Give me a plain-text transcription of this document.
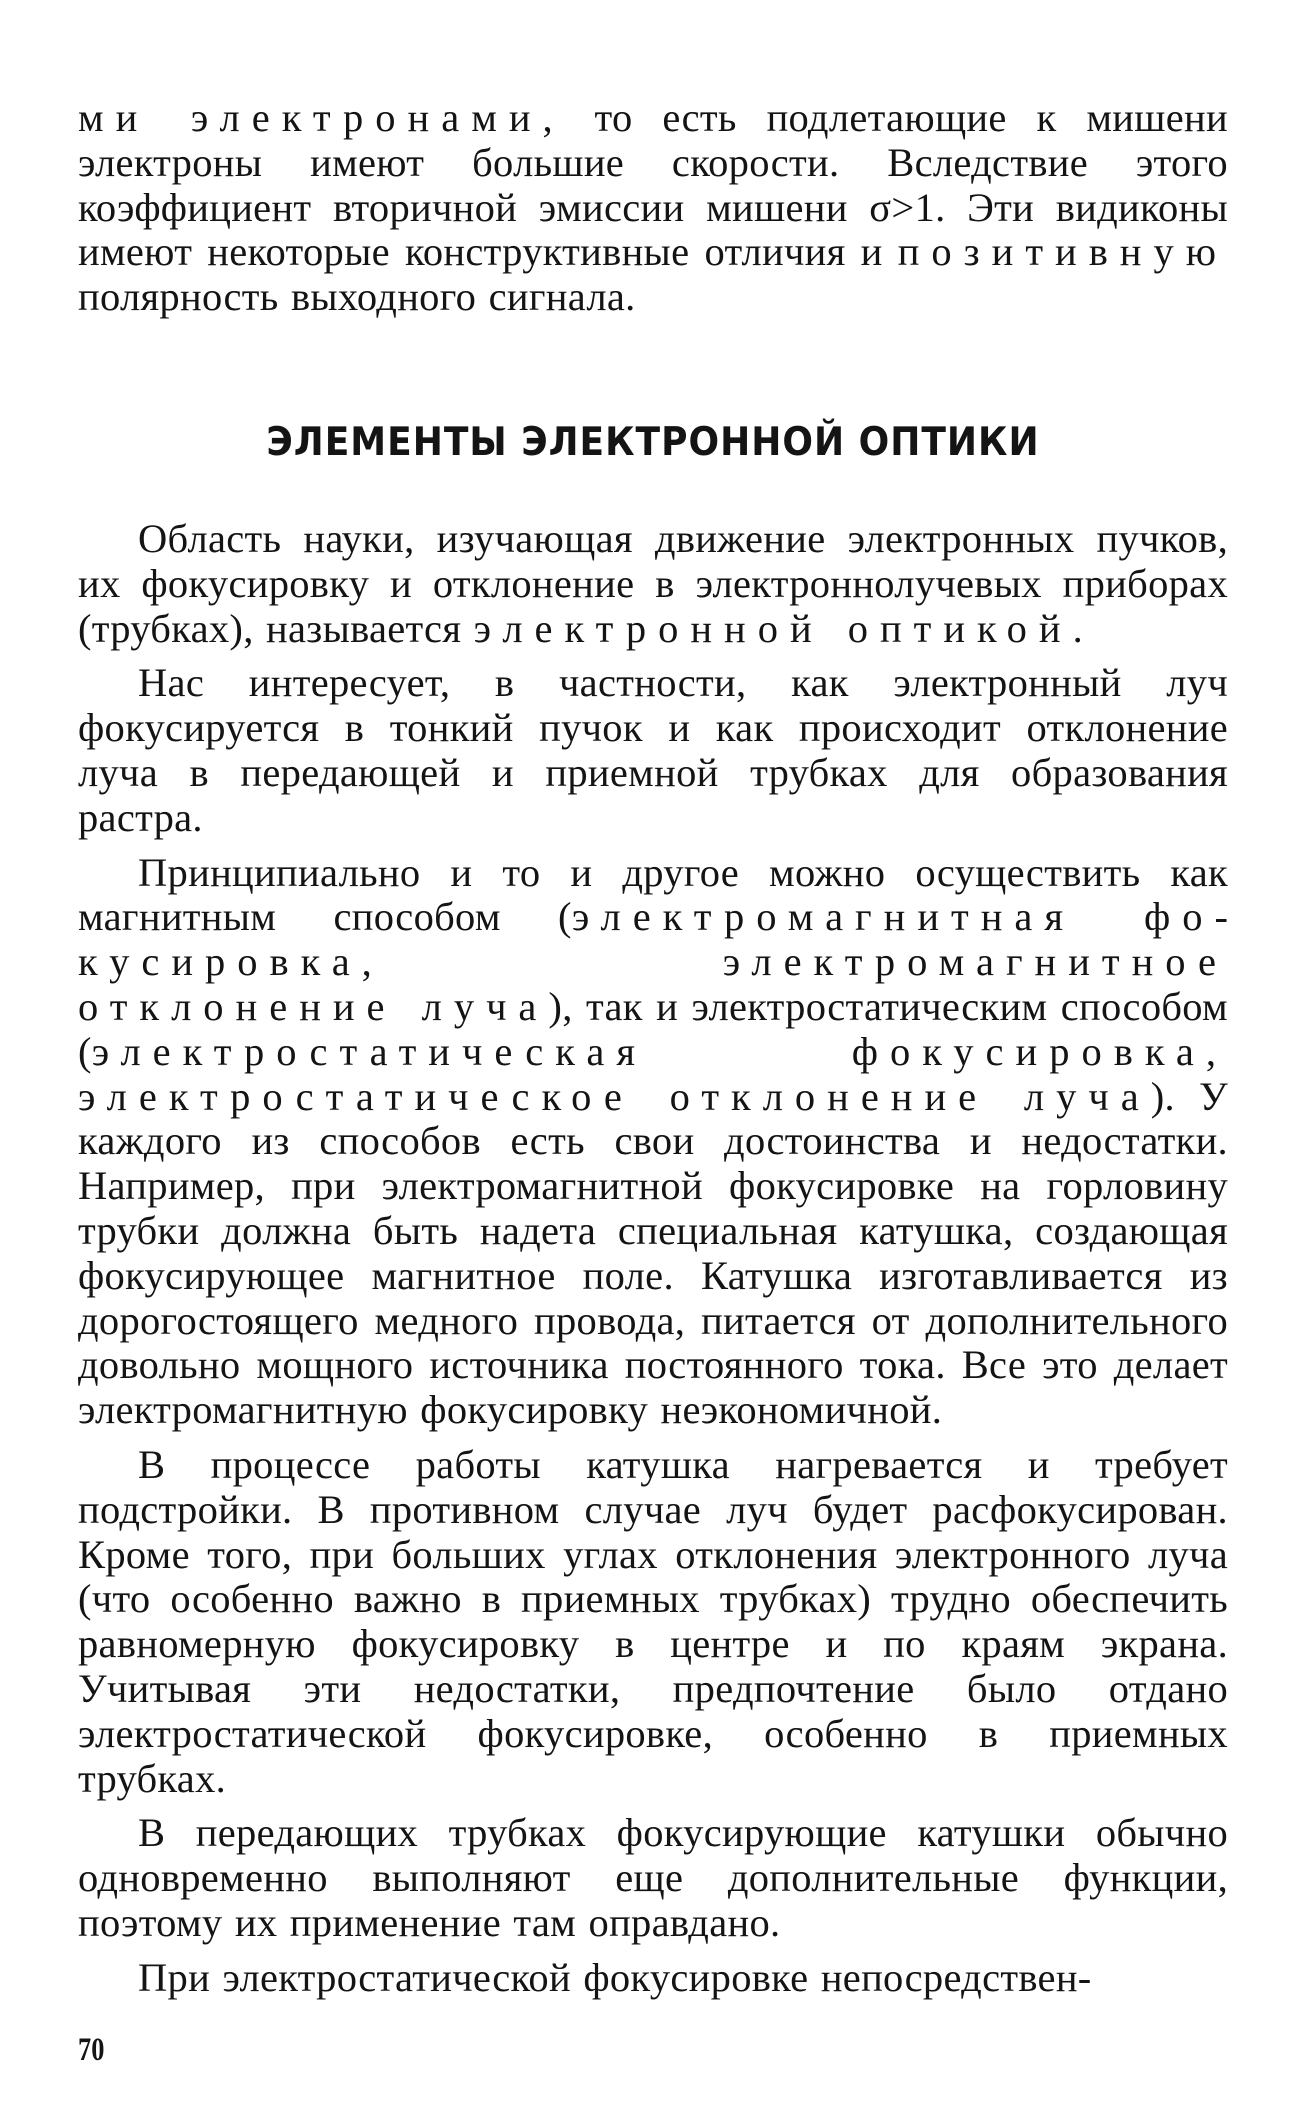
ми электронами, то есть подлетающие к мишени электроны имеют большие скорости. Вследствие этого коэффициент вторичной эмиссии мишени σ>1. Эти видиконы имеют некоторые конструктивные отличия и позитивную полярность выходного сигнала.

ЭЛЕМЕНТЫ ЭЛЕКТРОННОЙ ОПТИКИ

Область науки, изучающая движение электронных пучков, их фокусировку и отклонение в электроннолучевых приборах (трубках), называется электронной оптикой.

Нас интересует, в частности, как электронный луч фокусируется в тонкий пучок и как происходит отклонение луча в передающей и приемной трубках для образования растра.

Принципиально и то и другое можно осуществить как магнитным способом (электромагнитная фокусировка, электромагнитное отклонение луча), так и электростатическим способом (электростатическая фокусировка, электростатическое отклонение луча). У каждого из способов есть свои достоинства и недостатки. Например, при электромагнитной фокусировке на горловину трубки должна быть надета специальная катушка, создающая фокусирующее магнитное поле. Катушка изготавливается из дорогостоящего медного провода, питается от дополнительного довольно мощного источника постоянного тока. Все это делает электромагнитную фокусировку неэкономичной.

В процессе работы катушка нагревается и требует подстройки. В противном случае луч будет расфокусирован. Кроме того, при больших углах отклонения электронного луча (что особенно важно в приемных трубках) трудно обеспечить равномерную фокусировку в центре и по краям экрана. Учитывая эти недостатки, предпочтение было отдано электростатической фокусировке, особенно в приемных трубках.

В передающих трубках фокусирующие катушки обычно одновременно выполняют еще дополнительные функции, поэтому их применение там оправдано.

При электростатической фокусировке непосредствен-

70
